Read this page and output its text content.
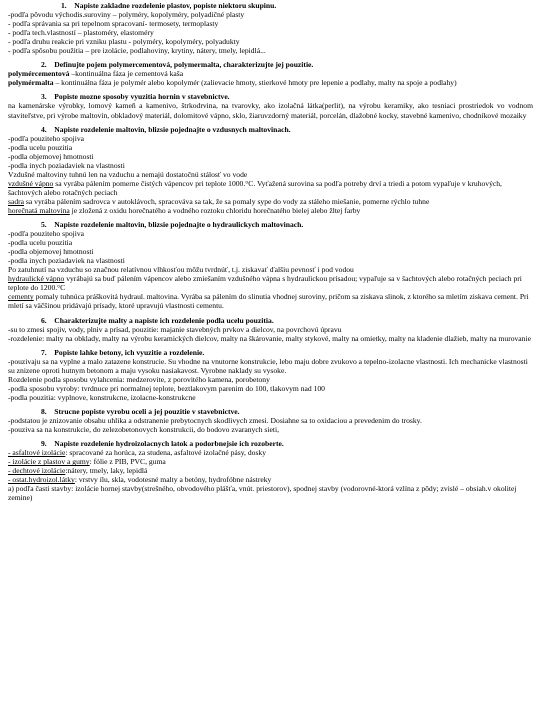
1.    Napiste zakladne rozdelenie plastov, popiste niektoru skupinu.
-podľa pôvodu východis.suroviny – polyméry, kopolyméry, polyadičné plasty
- podľa správania sa pri tepelnom spracovaní- termosety, termoplasty
- podľa tech.vlastností – plastoméry, elastoméry
- podľa druhu reakcie pri vzniku plastu - polyméry, kopolyméry, polyadukty
- podľa spôsobu použitia – pre izolácie, podlahoviny, krytiny, nátery, tmely, lepidlá...
2.    Definujte pojem polymercementová, polymermalta, charakterizujte jej pouzitie.
polymércementová –kontinuálna fáza je cementová kaša
polymérmalta – kontinuálna fáza je polymér alebo kopolymér (zalievacie hmoty, stierkové hmoty pre lepenie a podlahy, malty na spoje a podlahy)
3.    Popiste mozne sposoby vyuzitia hornin v stavebnictve.
na kamenárske výrobky, lomový kameň a kamenivo, štrkodrvina, na tvarovky, ako izolačná látka(perlit), na výrobu keramiky, ako tesniaci prostriedok vo vodnom staviteľstve, pri výrobe maltovín, obkladový materiál, dolomitové vápno, sklo, žiaruvzdorný materiál, porcelán, dlažobné kocky, stavebné kamenivo, chodníkové mozaiky
4.    Napiste rozdelenie maltovin, blizsie pojednajte o vzdusnych maltovinach.
-podľa pouziteho spojiva
-podla ucelu pouzitia
-podla objemovej hmotnosti
-podla inych poziadaviek na vlastnosti
Vzdušné maltoviny tuhnú len na vzduchu a nemajú dostatočnú stálosť vo vode
vzdušné vápno sa vyrába pálením pomerne čistých vápencov pri teplote 1000.°C. Vyťažená surovina sa podľa potreby drví a triedi a potom vypaľuje v kruhových, šachtových alebo rotačných peciach
sadra sa vyrába pálením sadrovca v autoklávoch, spracováva sa tak, že sa pomaly sype do vody za stáleho miešanie, pomerne rýchlo tuhne
horečnatá maltovina je zložená z oxidu horečnatého a vodného roztoku chloridu horečnatého bielej alebo žltej farby
5.    Napiste rozdelenie maltovin, blizsie pojednajte o hydraulickych maltovinach.
-podľa pouziteho spojiva
-podla ucelu pouzitia
-podla objemovej hmotnosti
-podla inych poziadaviek na vlastnosti
Po zatuhnutí na vzduchu so značnou relatívnou vlhkosťou môžu tvrdnúť, t.j. ziskavať ďalšiu pevnosť i pod vodou
hydraulické vápno vyrábajú sa buď pálením vápencov alebo zmiešaním vzdušného vápna s hydraulickou prísadou; vypaľuje sa v šachtových alebo rotačných peciach pri teplote do 1200.°C
cementy pomaly tuhnúca práškovitá hydraul. maltovina. Vyrába sa pálením do slinutia vhodnej suroviny, pričom sa ziskava slinok, z ktorého sa mletím ziskava cement. Pri mletí sa väčšinou pridávajú prísady, ktoré upravujú vlastnosti cementu.
6.    Charakterizujte malty a napiste ich rozdelenie podla ucelu pouzitia.
-su to zmesi spojiv, vody, plniv a prísad, pouzitie: majanie stavebných prvkov a dielcov, na povrchovú úpravu
-rozdelenie: malty na obklady, malty na výrobu keramických dielcov, malty na škárovanie, malty stykové, malty na omietky, malty na kladenie dlažieb, malty na murovanie
7.    Popiste lahke betony, ich vyuzitie a rozdelenie.
-pouzivaju sa na vyplne a malo zatazene konstrucie. Su vhodne na vnutorne konstrukcie, lebo maju dobre zvukovo a tepelno-izolacne vlastnosti. Ich mechanicke vlastnosti su znizene oproti hutnym betonom a maju vysoku nasiakavost. Vyrobne naklady su vysoke.
Rozdelenie podla sposobu vylahcenia: medzerovite, z porovitého kamena, porobetony
-podla sposobu vyroby: tvrdnuce pri normalnej teplote, beztlakovym parenim do 100, tlakovym nad 100
-podla pouzitia: vyplnove, konstrukcne, izolacne-konstrukcne
8.    Strucne popiste vyrobu oceli a jej pouzitie v stavebnictve.
-podstatou je znizovanie obsahu uhlika a odstranenie prebytocnych skodlivych zmesi. Dosiahne sa to oxidaciou a prevedenim do trosky.
-pouziva sa na konstrukcie, do zelezobetonovych konstrukcii, do bodovo zvaranych sieti,
9.    Napiste rozdelenie hydroizolacnych latok a podorbnejsie ich rozoberte.
- asfaltové izolácie: spracované za horúca, za studena, asfaltové izolačné pásy, dosky
- izolácie z plastov a gumy: fólie z PIB, PVC, guma
- dechtové izolácie:nátery, tmely, laky, lepidlá
- ostat.hydroizol.látky: vrstvy ílu, skla, vodotesné malty a betóny, hydrofóbne nástreky
a) podľa časti stavby: izolácie hornej stavby(strešného, obvodového plášťa, vnút. priestorov), spodnej stavby (vodorovné-ktorá vzlína z pôdy; zvislé – obsiah.v okolitej zemine)
